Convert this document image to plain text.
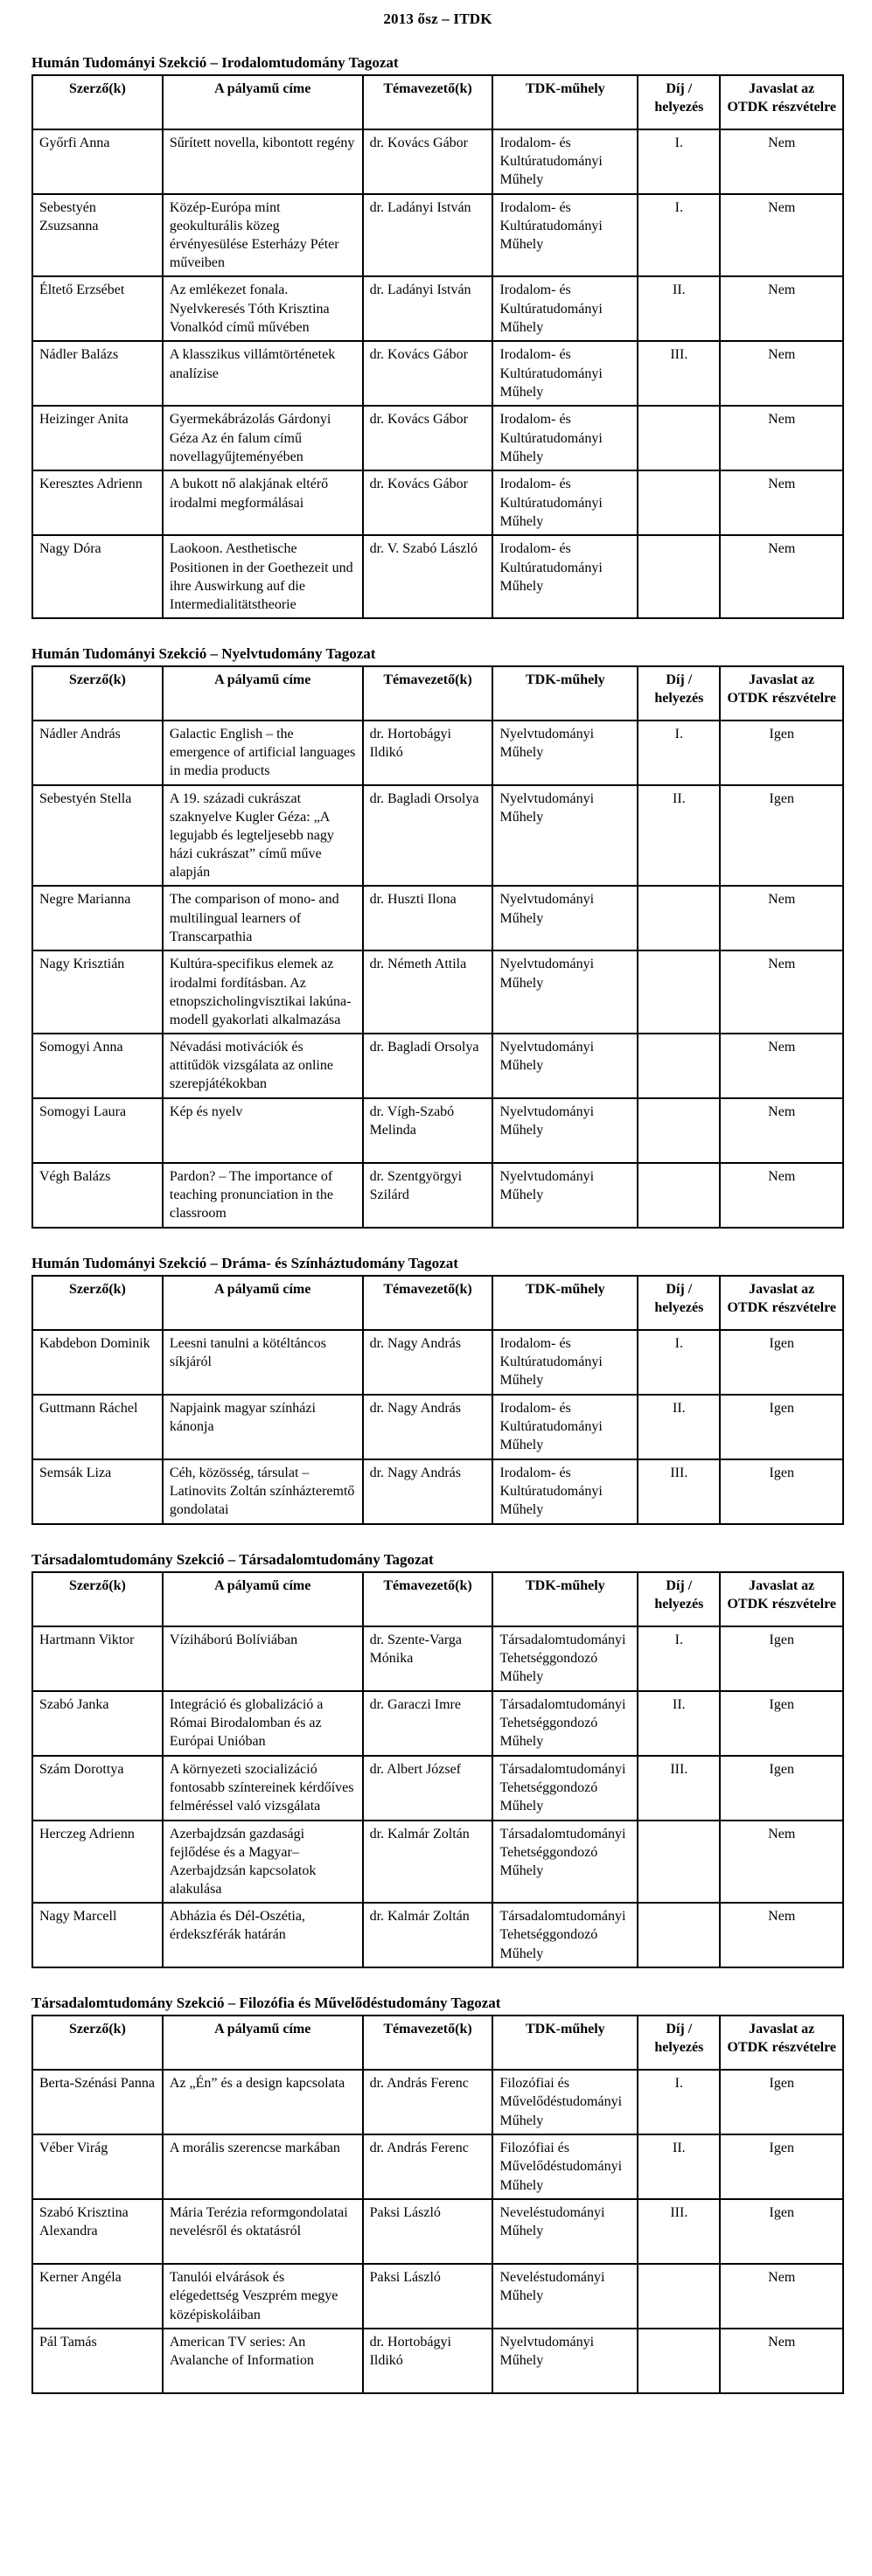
2013 ősz – ITDK
Humán Tudományi Szekció – Irodalomtudomány Tagozat
Szerző(k)	A pályamű címe	Témavezető(k)	TDK-műhely	Díj / helyezés	Javaslat az OTDK részvételre
Győrfi Anna	Sűrített novella, kibontott regény	dr. Kovács Gábor	Irodalom- és Kultúratudományi Műhely	I.	Nem
Sebestyén Zsuzsanna	Közép-Európa mint geokulturális közeg érvényesülése Esterházy Péter műveiben	dr. Ladányi István	Irodalom- és Kultúratudományi Műhely	I.	Nem
Éltető Erzsébet	Az emlékezet fonala. Nyelvkeresés Tóth Krisztina Vonalkód című művében	dr. Ladányi István	Irodalom- és Kultúratudományi Műhely	II.	Nem
Nádler Balázs	A klasszikus villámtörténetek analízise	dr. Kovács Gábor	Irodalom- és Kultúratudományi Műhely	III.	Nem
Heizinger Anita	Gyermekábrázolás Gárdonyi Géza Az én falum című novellagyűjteményében	dr. Kovács Gábor	Irodalom- és Kultúratudományi Műhely		Nem
Keresztes Adrienn	A bukott nő alakjának eltérő irodalmi megformálásai	dr. Kovács Gábor	Irodalom- és Kultúratudományi Műhely		Nem
Nagy Dóra	Laokoon. Aesthetische Positionen in der Goethezeit und ihre Auswirkung auf die Intermedialitätstheorie	dr. V. Szabó László	Irodalom- és Kultúratudományi Műhely		Nem
Humán Tudományi Szekció – Nyelvtudomány Tagozat
Szerző(k)	A pályamű címe	Témavezető(k)	TDK-műhely	Díj / helyezés	Javaslat az OTDK részvételre
Nádler András	Galactic English – the emergence of artificial languages in media products	dr. Hortobágyi Ildikó	Nyelvtudományi Műhely	I.	Igen
Sebestyén Stella	A 19. századi cukrászat szaknyelve Kugler Géza: „A legujabb és legteljesebb nagy házi cukrászat” című műve alapján	dr. Bagladi Orsolya	Nyelvtudományi Műhely	II.	Igen
Negre Marianna	The comparison of mono- and multilingual learners of Transcarpathia	dr. Huszti Ilona	Nyelvtudományi Műhely		Nem
Nagy Krisztián	Kultúra-specifikus elemek az irodalmi fordításban. Az etnopszicholingvisztikai lakúna-modell gyakorlati alkalmazása	dr. Németh Attila	Nyelvtudományi Műhely		Nem
Somogyi Anna	Névadási motivációk és attitűdök vizsgálata az online szerepjátékokban	dr. Bagladi Orsolya	Nyelvtudományi Műhely		Nem
Somogyi Laura	Kép és nyelv	dr. Vígh-Szabó Melinda	Nyelvtudományi Műhely		Nem
Végh Balázs	Pardon? – The importance of teaching pronunciation in the classroom	dr. Szentgyörgyi Szilárd	Nyelvtudományi Műhely		Nem
Humán Tudományi Szekció – Dráma- és Színháztudomány Tagozat
Szerző(k)	A pályamű címe	Témavezető(k)	TDK-műhely	Díj / helyezés	Javaslat az OTDK részvételre
Kabdebon Dominik	Leesni tanulni a kötéltáncos síkjáról	dr. Nagy András	Irodalom- és Kultúratudományi Műhely	I.	Igen
Guttmann Ráchel	Napjaink magyar színházi kánonja	dr. Nagy András	Irodalom- és Kultúratudományi Műhely	II.	Igen
Semsák Liza	Céh, közösség, társulat – Latinovits Zoltán színházteremtő gondolatai	dr. Nagy András	Irodalom- és Kultúratudományi Műhely	III.	Igen
Társadalomtudomány Szekció – Társadalomtudomány Tagozat
Szerző(k)	A pályamű címe	Témavezető(k)	TDK-műhely	Díj / helyezés	Javaslat az OTDK részvételre
Hartmann Viktor	Víziháború Bolíviában	dr. Szente-Varga Mónika	Társadalomtudományi Tehetséggondozó Műhely	I.	Igen
Szabó Janka	Integráció és globalizáció a Római Birodalomban és az Európai Unióban	dr. Garaczi Imre	Társadalomtudományi Tehetséggondozó Műhely	II.	Igen
Szám Dorottya	A környezeti szocializáció fontosabb színtereinek kérdőíves felméréssel való vizsgálata	dr. Albert József	Társadalomtudományi Tehetséggondozó Műhely	III.	Igen
Herczeg Adrienn	Azerbajdzsán gazdasági fejlődése és a Magyar–Azerbajdzsán kapcsolatok alakulása	dr. Kalmár Zoltán	Társadalomtudományi Tehetséggondozó Műhely		Nem
Nagy Marcell	Abházia és Dél-Oszétia, érdekszférák határán	dr. Kalmár Zoltán	Társadalomtudományi Tehetséggondozó Műhely		Nem
Társadalomtudomány Szekció – Filozófia és Művelődéstudomány Tagozat
Szerző(k)	A pályamű címe	Témavezető(k)	TDK-műhely	Díj / helyezés	Javaslat az OTDK részvételre
Berta-Szénási Panna	Az „Én” és a design kapcsolata	dr. András Ferenc	Filozófiai és Művelődéstudományi Műhely	I.	Igen
Véber Virág	A morális szerencse markában	dr. András Ferenc	Filozófiai és Művelődéstudományi Műhely	II.	Igen
Szabó Krisztina Alexandra	Mária Terézia reformgondolatai nevelésről és oktatásról	Paksi László	Neveléstudományi Műhely	III.	Igen
Kerner Angéla	Tanulói elvárások és elégedettség Veszprém megye középiskoláiban	Paksi László	Neveléstudományi Műhely		Nem
Pál Tamás	American TV series: An Avalanche of Information	dr. Hortobágyi Ildikó	Nyelvtudományi Műhely		Nem
